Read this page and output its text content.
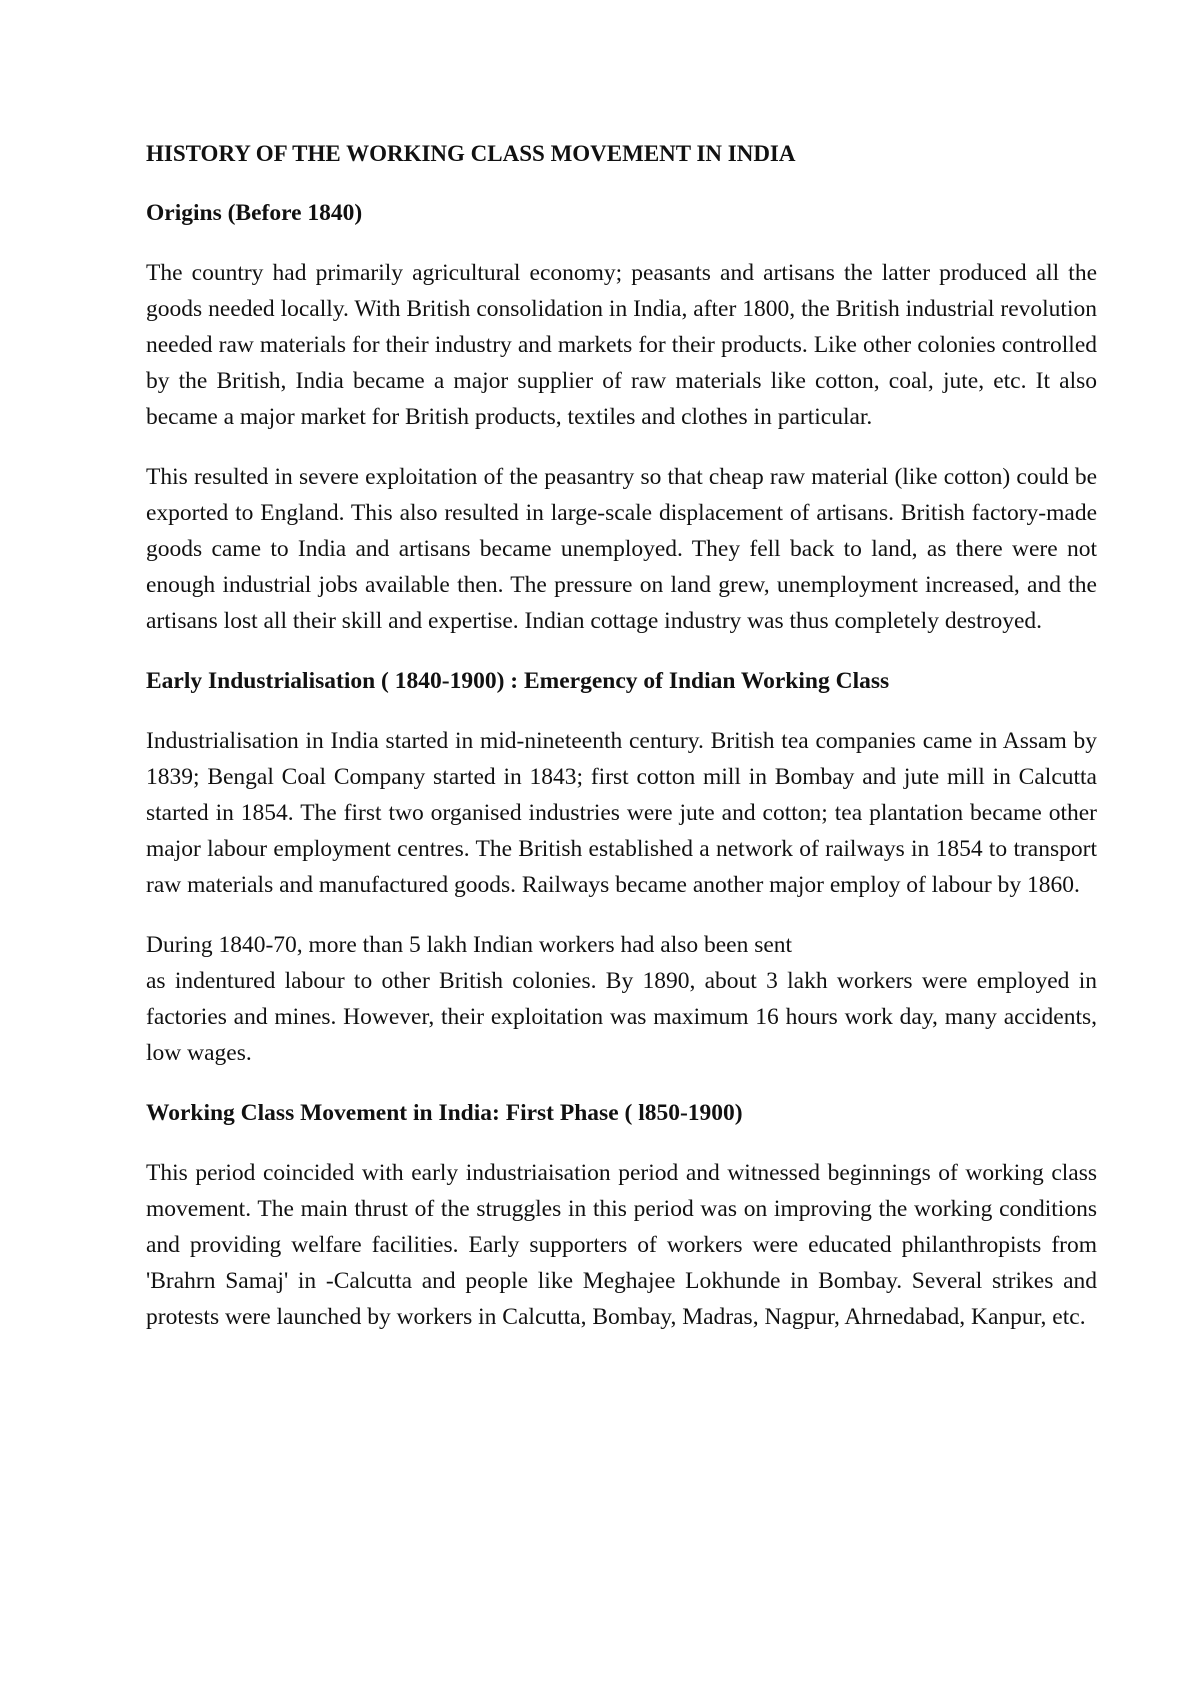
HISTORY OF THE WORKING CLASS MOVEMENT IN INDIA
Origins (Before 1840)

The country had primarily agricultural economy; peasants and artisans the latter produced all the goods needed locally. With British consolidation in India, after 1800, the British industrial revolution needed raw materials for their industry and markets for their products. Like other colonies controlled by the British, India became a major supplier of raw materials like cotton, coal, jute, etc. It also became a major market for British products, textiles and clothes in particular.

This resulted in severe exploitation of the peasantry so that cheap raw material (like cotton) could be exported to England. This also resulted in large-scale displacement of artisans. British factory-made goods came to India and artisans became unemployed. They fell back to land, as there were not enough industrial jobs available then. The pressure on land grew, unemployment increased, and the artisans lost all their skill and expertise. Indian cottage industry was thus completely destroyed.

Early Industrialisation ( 1840-1900) : Emergency of Indian Working Class

Industrialisation in India started in mid-nineteenth century. British tea companies came in Assam by 1839; Bengal Coal Company started in 1843; first cotton mill in Bombay and jute mill in Calcutta started in 1854. The first two organised industries were jute and cotton; tea plantation became other major labour employment centres. The British established a network of railways in 1854 to transport raw materials and manufactured goods. Railways became another major employ of labour by 1860.

During 1840-70, more than 5 lakh Indian workers had also been sent
as indentured labour to other British colonies. By 1890, about 3 lakh workers were employed in factories and mines. However, their exploitation was maximum 16 hours work day, many accidents, low wages.

Working Class Movement in India: First Phase ( l850-1900)

This period coincided with early industriaisation period and witnessed beginnings of working class movement. The main thrust of the struggles in this period was on improving the working conditions and providing welfare facilities. Early supporters of workers were educated philanthropists from 'Brahrn Samaj' in -Calcutta and people like Meghajee Lokhunde in Bombay. Several strikes and protests were launched by workers in Calcutta, Bombay, Madras, Nagpur, Ahrnedabad, Kanpur, etc.
